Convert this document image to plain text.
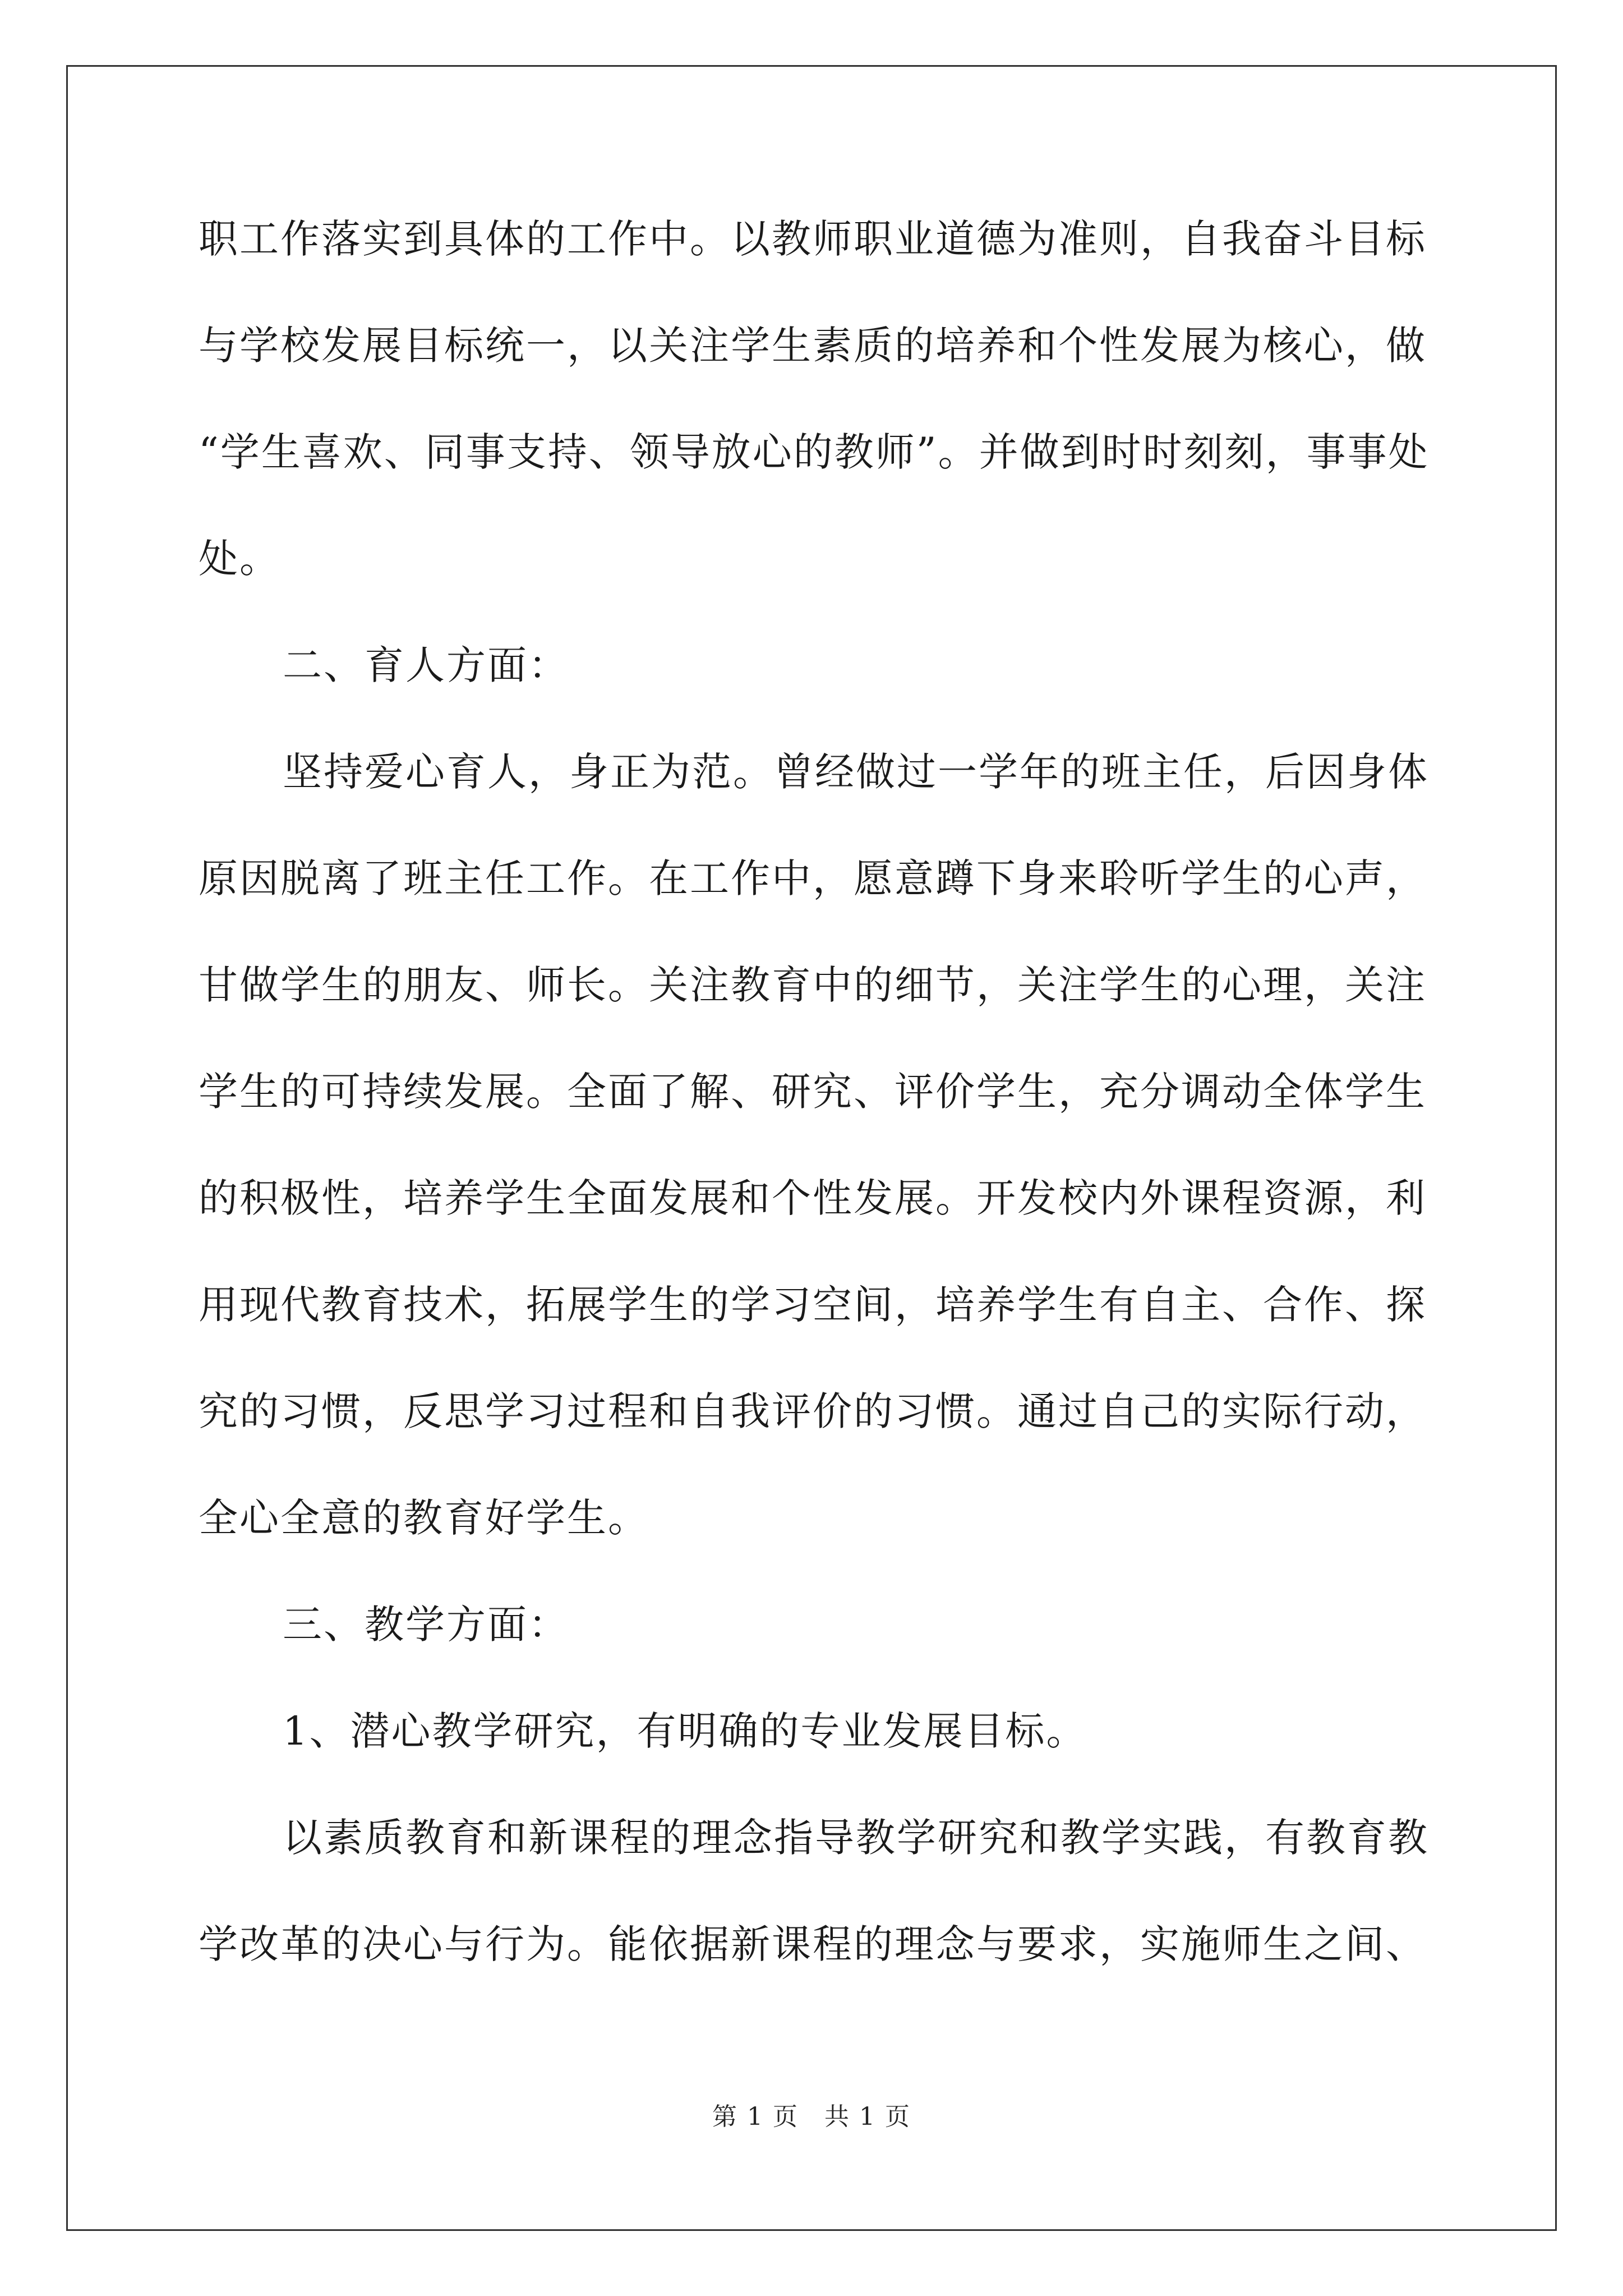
职工作落实到具体的工作中。以教师职业道德为准则，自我奋斗目标
与学校发展目标统一，以关注学生素质的培养和个性发展为核心，做
“学生喜欢、同事支持、领导放心的教师”。并做到时时刻刻，事事处
处。
二、育人方面：
坚持爱心育人，身正为范。曾经做过一学年的班主任，后因身体
原因脱离了班主任工作。在工作中，愿意蹲下身来聆听学生的心声，
甘做学生的朋友、师长。关注教育中的细节，关注学生的心理，关注
学生的可持续发展。全面了解、研究、评价学生，充分调动全体学生
的积极性，培养学生全面发展和个性发展。开发校内外课程资源，利
用现代教育技术，拓展学生的学习空间，培养学生有自主、合作、探
究的习惯，反思学习过程和自我评价的习惯。通过自己的实际行动，
全心全意的教育好学生。
三、教学方面：
1、潜心教学研究，有明确的专业发展目标。
以素质教育和新课程的理念指导教学研究和教学实践，有教育教
学改革的决心与行为。能依据新课程的理念与要求，实施师生之间、
第 1 页　共 1 页
